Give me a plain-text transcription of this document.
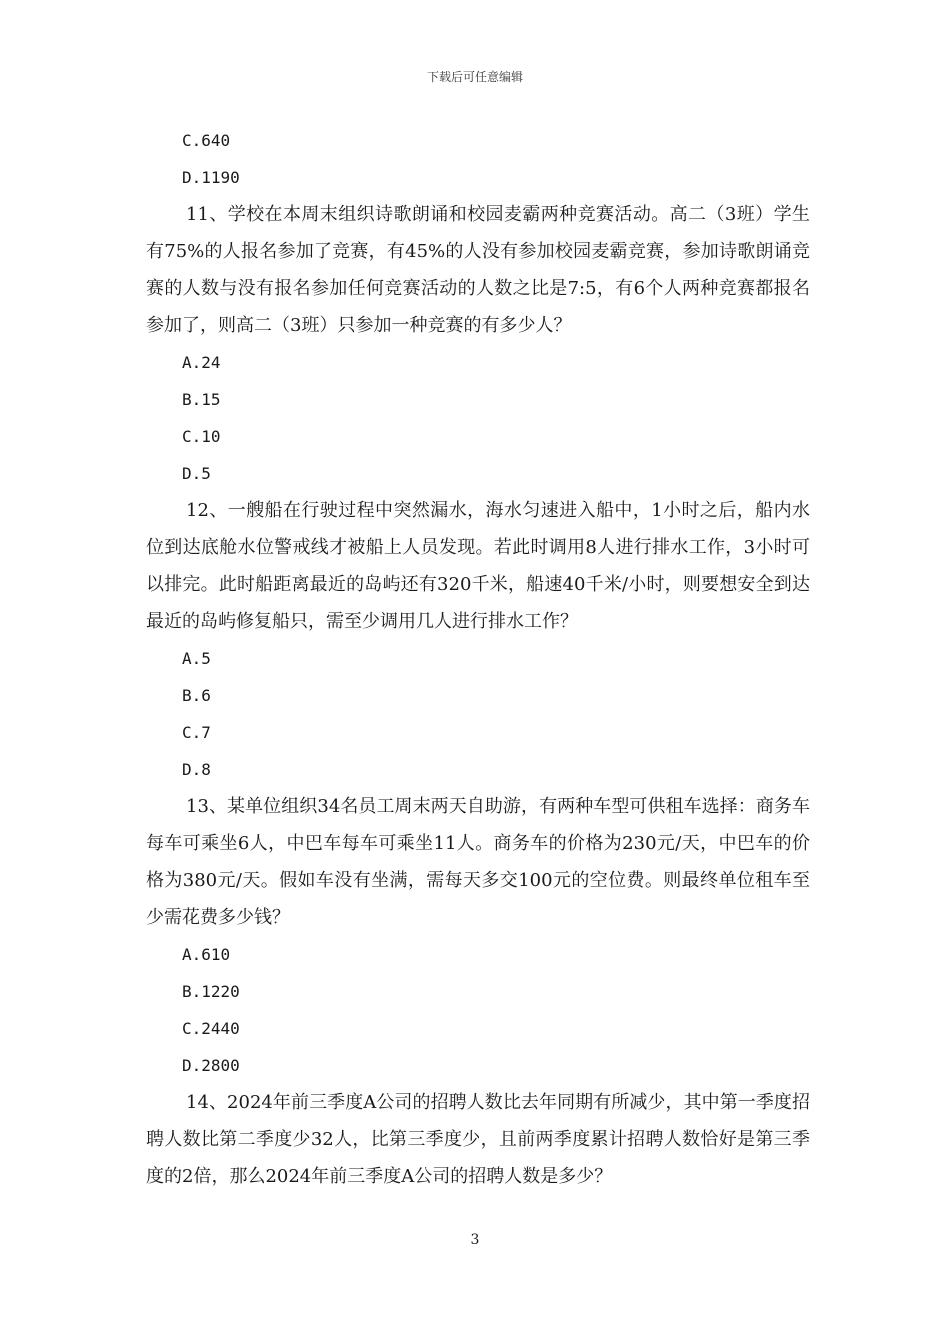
下载后可任意编辑
C.640
D.1190
11、学校在本周末组织诗歌朗诵和校园麦霸两种竞赛活动。高二（3班）学生有75%的人报名参加了竞赛，有45%的人没有参加校园麦霸竞赛，参加诗歌朗诵竞赛的人数与没有报名参加任何竞赛活动的人数之比是7:5，有6个人两种竞赛都报名参加了，则高二（3班）只参加一种竞赛的有多少人？
A.24
B.15
C.10
D.5
12、一艘船在行驶过程中突然漏水，海水匀速进入船中，1小时之后，船内水位到达底舱水位警戒线才被船上人员发现。若此时调用8人进行排水工作，3小时可以排完。此时船距离最近的岛屿还有320千米，船速40千米/小时，则要想安全到达最近的岛屿修复船只，需至少调用几人进行排水工作？
A.5
B.6
C.7
D.8
13、某单位组织34名员工周末两天自助游，有两种车型可供租车选择：商务车每车可乘坐6人，中巴车每车可乘坐11人。商务车的价格为230元/天，中巴车的价格为380元/天。假如车没有坐满，需每天多交100元的空位费。则最终单位租车至少需花费多少钱？
A.610
B.1220
C.2440
D.2800
14、2024年前三季度A公司的招聘人数比去年同期有所减少，其中第一季度招聘人数比第二季度少32人，比第三季度少，且前两季度累计招聘人数恰好是第三季度的2倍，那么2024年前三季度A公司的招聘人数是多少？
3
